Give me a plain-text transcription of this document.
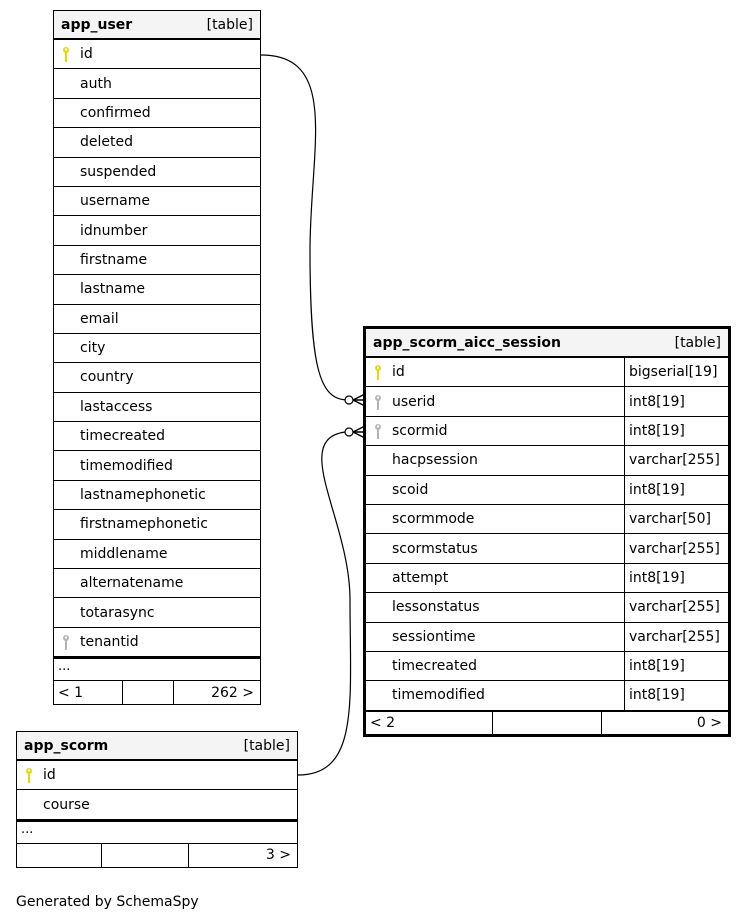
app_user	[table]
id
auth
confirmed
deleted
suspended
username
idnumber
firstname
lastname
email
city
country
lastaccess
timecreated
timemodified
lastnamephonetic
firstnamephonetic
middlename
alternatename
totarasync
tenantid
...
< 1	262 >
app_scorm	[table]
id
course
...
3 >
app_scorm_aicc_session	[table]
id	bigserial[19]
userid	int8[19]
scormid	int8[19]
hacpsession	varchar[255]
scoid	int8[19]
scormmode	varchar[50]
scormstatus	varchar[255]
attempt	int8[19]
lessonstatus	varchar[255]
sessiontime	varchar[255]
timecreated	int8[19]
timemodified	int8[19]
< 2	0 >
Generated by SchemaSpy
